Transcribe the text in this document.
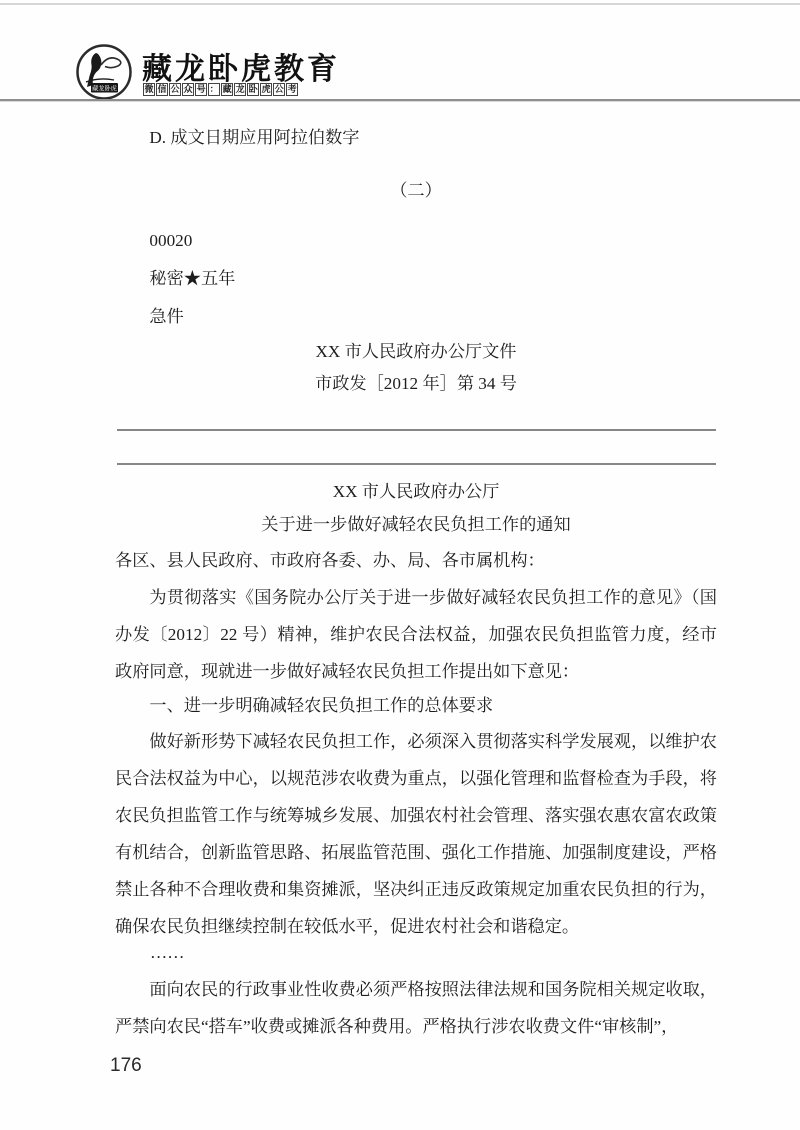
藏龙卧虎
藏龙卧虎教育
微 信 公 众 号 ： 藏 龙 卧 虎 公 考
D. 成文日期应用阿拉伯数字
（二）
00020
秘密★五年
急件
XX 市人民政府办公厅文件
市政发［2012 年］第 34 号
XX 市人民政府办公厅
关于进一步做好减轻农民负担工作的通知
各区、县人民政府、市政府各委、办、局、各市属机构：
为贯彻落实《国务院办公厅关于进一步做好减轻农民负担工作的意见》（国办发〔2012〕22 号）精神，维护农民合法权益，加强农民负担监管力度，经市政府同意，现就进一步做好减轻农民负担工作提出如下意见：
一、进一步明确减轻农民负担工作的总体要求
做好新形势下减轻农民负担工作，必须深入贯彻落实科学发展观，以维护农民合法权益为中心，以规范涉农收费为重点，以强化管理和监督检查为手段，将农民负担监管工作与统筹城乡发展、加强农村社会管理、落实强农惠农富农政策有机结合，创新监管思路、拓展监管范围、强化工作措施、加强制度建设，严格禁止各种不合理收费和集资摊派，坚决纠正违反政策规定加重农民负担的行为，确保农民负担继续控制在较低水平，促进农村社会和谐稳定。
……
面向农民的行政事业性收费必须严格按照法律法规和国务院相关规定收取，严禁向农民“搭车”收费或摊派各种费用。严格执行涉农收费文件“审核制”，
176
